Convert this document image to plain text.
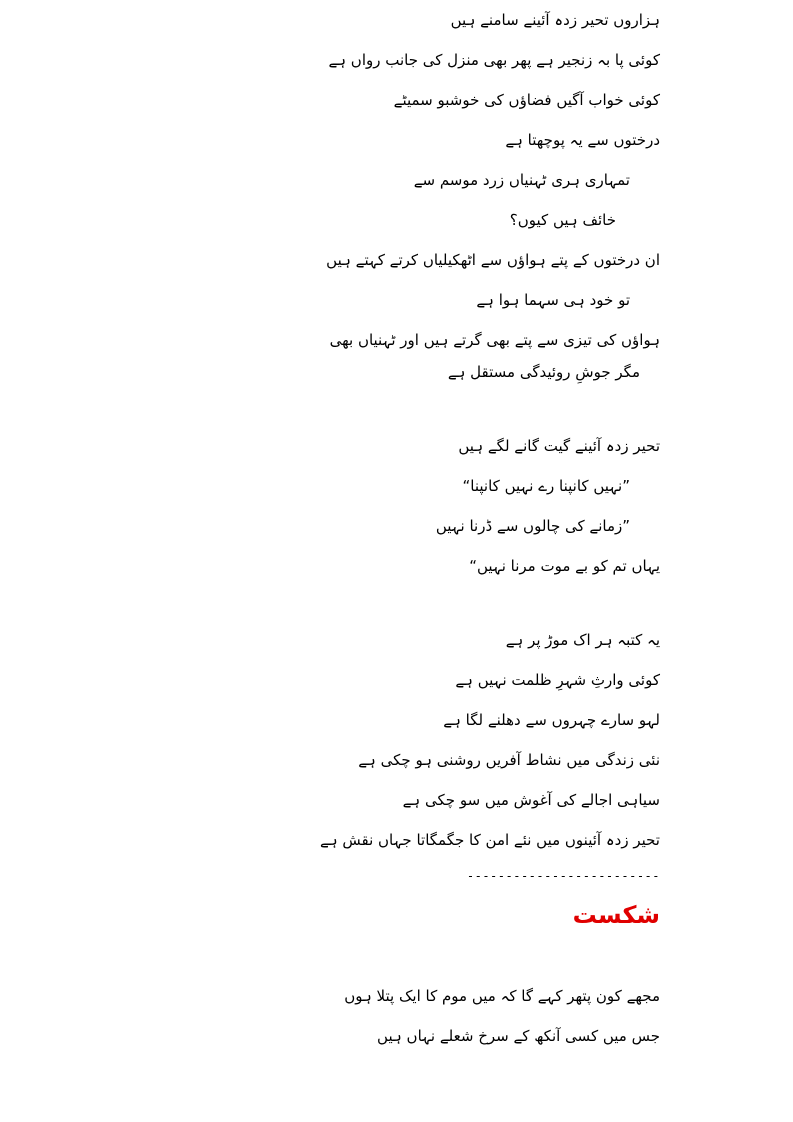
ہزاروں تحیر زدہ آئینے سامنے ہیں
کوئی پا بہ زنجیر ہے پھر بھی منزل کی جانب رواں ہے
کوئی خواب آگیں فضاؤں کی خوشبو سمیٹے
درختوں سے یہ پوچھتا ہے
تمہاری ہری ٹہنیاں زرد موسم سے
خائف ہیں کیوں؟
ان درختوں کے پتے ہواؤں سے اٹھکیلیاں کرتے کہتے ہیں
تو خود ہی سہما ہوا ہے
ہواؤں کی تیزی سے پتے بھی گرتے ہیں اور ٹہنیاں بھی
مگر جوشِ روئیدگی مستقل ہے
تحیر زدہ آئینے گیت گانے لگے ہیں
”نہیں کانپنا رے نہیں کانپنا“
”زمانے کی چالوں سے ڈرنا نہیں
یہاں تم کو بے موت مرنا نہیں“
یہ کتبہ ہر اک موڑ پر ہے
کوئی وارثِ شہرِ ظلمت نہیں ہے
لہو سارے چہروں سے دھلنے لگا ہے
نئی زندگی میں نشاط آفریں روشنی ہو چکی ہے
سیاہی اجالے کی آغوش میں سو چکی ہے
تحیر زدہ آئینوں میں نئے امن کا جگمگاتا جہاں نقش ہے
-------------------------
شکست
مجھے کون پتھر کہے گا کہ میں موم کا ایک پتلا ہوں
جس میں کسی آنکھ کے سرخ شعلے نہاں ہیں
